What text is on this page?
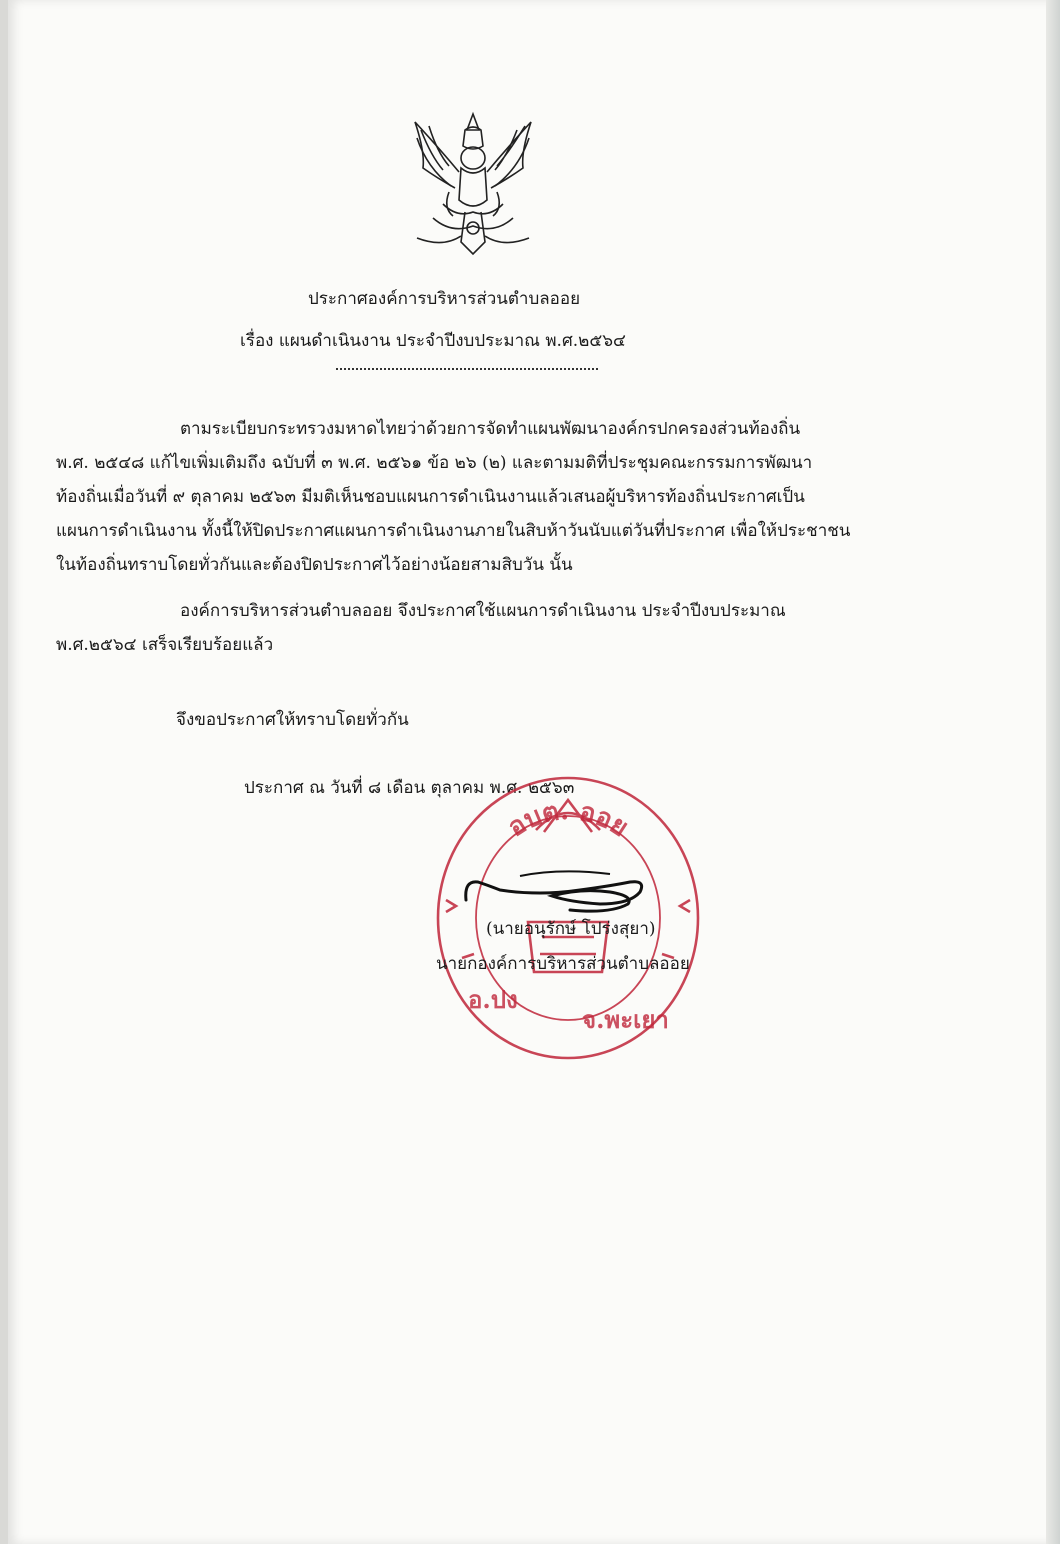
ประกาศองค์การบริหารส่วนตำบลออย
เรื่อง แผนดำเนินงาน ประจำปีงบประมาณ พ.ศ.๒๕๖๔
ตามระเบียบกระทรวงมหาดไทยว่าด้วยการจัดทำแผนพัฒนาองค์กรปกครองส่วนท้องถิ่น
พ.ศ. ๒๕๔๘ แก้ไขเพิ่มเติมถึง ฉบับที่ ๓ พ.ศ. ๒๕๖๑ ข้อ ๒๖ (๒) และตามมติที่ประชุมคณะกรรมการพัฒนา
ท้องถิ่นเมื่อวันที่ ๙ ตุลาคม ๒๕๖๓ มีมติเห็นชอบแผนการดำเนินงานแล้วเสนอผู้บริหารท้องถิ่นประกาศเป็น
แผนการดำเนินงาน ทั้งนี้ให้ปิดประกาศแผนการดำเนินงานภายในสิบห้าวันนับแต่วันที่ประกาศ เพื่อให้ประชาชน
ในท้องถิ่นทราบโดยทั่วกันและต้องปิดประกาศไว้อย่างน้อยสามสิบวัน นั้น
องค์การบริหารส่วนตำบลออย จึงประกาศใช้แผนการดำเนินงาน ประจำปีงบประมาณ
พ.ศ.๒๕๖๔ เสร็จเรียบร้อยแล้ว
จึงขอประกาศให้ทราบโดยทั่วกัน
ประกาศ ณ วันที่ ๘ เดือน ตุลาคม พ.ศ. ๒๕๖๓
อบต. ออย
อ.ปง
จ.พะเยา
(นายอนุรักษ์ โปร่งสุยา)
นายกองค์การบริหารส่วนตำบลออย
